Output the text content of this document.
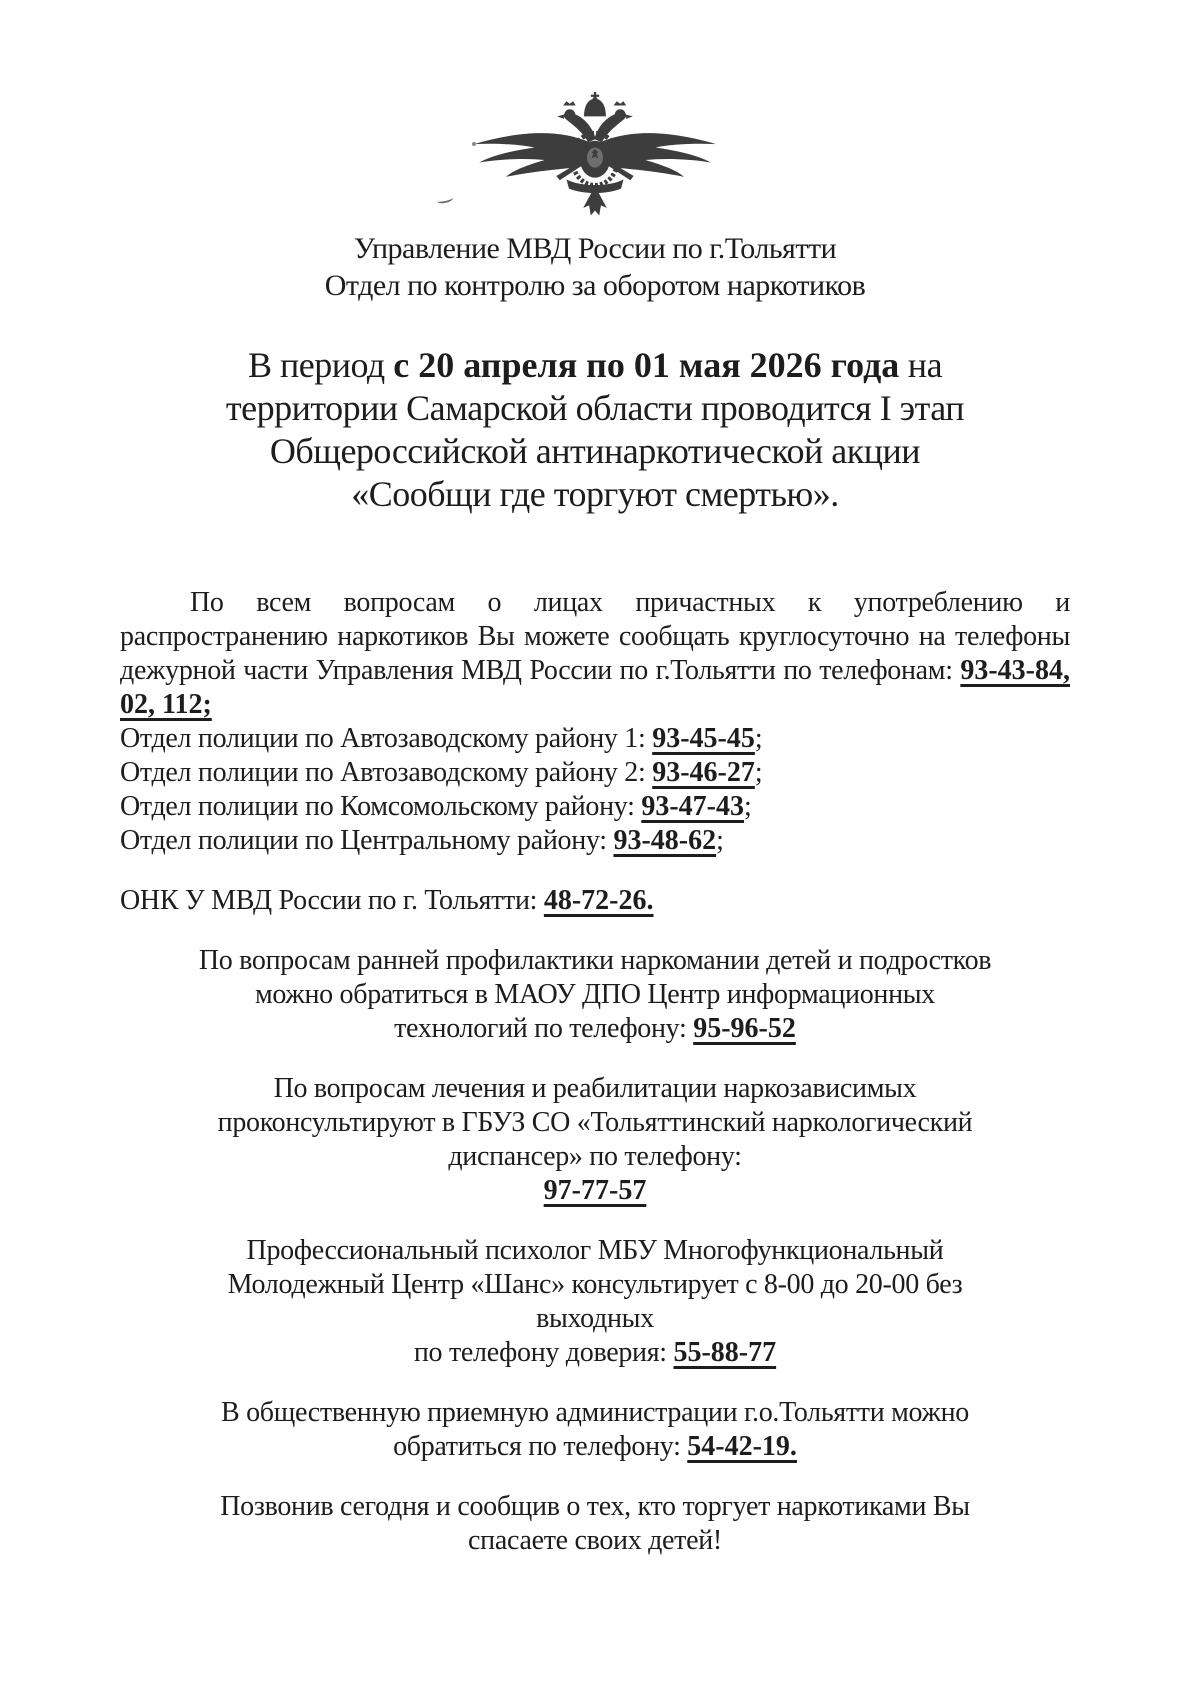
Управление МВД России по г.Тольятти
Отдел по контролю за оборотом наркотиков
В период с 20 апреля по 01 мая 2026 года на
территории Самарской области проводится I этап
Общероссийской антинаркотической акции
«Сообщи где торгуют смертью».
По всем вопросам о лицах причастных к употреблению и распространению наркотиков Вы можете сообщать круглосуточно на телефоны дежурной части Управления МВД России по г.Тольятти по телефонам: 93-43-84, 02, 112;
Отдел полиции по Автозаводскому району 1: 93-45-45;
Отдел полиции по Автозаводскому району 2: 93-46-27;
Отдел полиции по Комсомольскому району: 93-47-43;
Отдел полиции по Центральному району: 93-48-62;
ОНК У МВД России по г. Тольятти: 48-72-26.
По вопросам ранней профилактики наркомании детей и подростков
можно обратиться в МАОУ ДПО Центр информационных
технологий по телефону: 95-96-52
По вопросам лечения и реабилитации наркозависимых
проконсультируют в ГБУЗ СО «Тольяттинский наркологический
диспансер» по телефону:
97-77-57
Профессиональный психолог МБУ Многофункциональный
Молодежный Центр «Шанс» консультирует с 8-00 до 20-00 без
выходных
по телефону доверия: 55-88-77
В общественную приемную администрации г.о.Тольятти можно
обратиться по телефону: 54-42-19.
Позвонив сегодня и сообщив о тех, кто торгует наркотиками Вы
спасаете своих детей!
